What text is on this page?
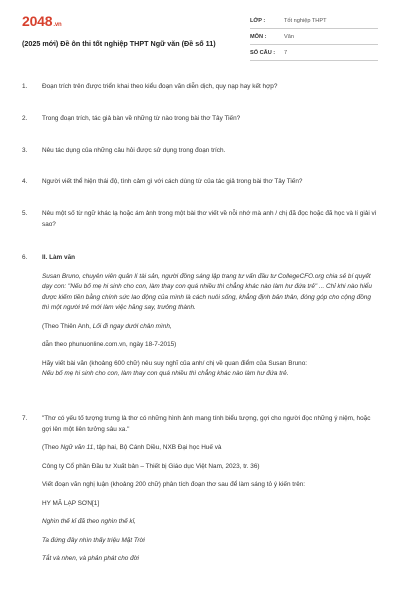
2048.vn
(2025 mới) Đề ôn thi tốt nghiệp THPT Ngữ văn (Đề số 11)
LỚP :	Tốt nghiệp THPT
MÔN :	Văn
SỐ CÂU :	7
1.	Đoạn trích trên được triển khai theo kiểu đoạn văn diễn dịch, quy nạp hay kết hợp?
2.	Trong đoạn trích, tác giả bàn về những từ nào trong bài thơ Tây Tiến?
3.	Nêu tác dụng của những câu hỏi được sử dụng trong đoạn trích.
4.	Người viết thể hiện thái độ, tình cảm gì với cách dùng từ của tác giả trong bài thơ Tây Tiến?
5.	Nêu một số từ ngữ khác lạ hoặc ám ảnh trong một bài thơ viết về nỗi nhớ mà anh / chị đã đọc hoặc đã học và lí giải vì sao?
6.	II. Làm văn
Susan Bruno, chuyên viên quản lí tài sản, người đồng sáng lập trang tư vấn đầu tư CollegeCFO.org chia sẻ bí quyết dạy con: "Nếu bố mẹ hi sinh cho con, làm thay con quá nhiều thì chẳng khác nào làm hư đứa trẻ" ... Chỉ khi nào hiểu được kiếm tiền bằng chính sức lao động của mình là cách nuôi sống, khẳng định bản thân, đóng góp cho cộng đồng thì một người trẻ mới làm việc hăng say, trưởng thành.
(Theo Thiên Anh, Lối đi ngay dưới chân mình,
dẫn theo phunuonline.com.vn, ngày 18-7-2015)
Hãy viết bài văn (khoảng 600 chữ) nêu suy nghĩ của anh/ chị về quan điểm của Susan Bruno:
Nếu bố mẹ hi sinh cho con, làm thay con quá nhiều thì chẳng khác nào làm hư đứa trẻ.
7.	"Thơ có yếu tố tượng trưng là thơ có những hình ảnh mang tính biểu tượng, gợi cho người đọc những ý niệm, hoặc gợi lên một liên tưởng sâu xa."
(Theo Ngữ văn 11, tập hai, Bộ Cánh Diều, NXB Đại học Huế và
Công ty Cổ phần Đầu tư Xuất bản – Thiết bị Giáo dục Việt Nam, 2023, tr. 36)
Viết đoạn văn nghị luận (khoảng 200 chữ) phân tích đoạn thơ sau để làm sáng tỏ ý kiến trên:
HY MÃ LẠP SƠN[1]
Nghìn thế kỉ đã theo nghìn thế kỉ,
Ta đứng đây nhìn thấy triệu Mặt Trời
Tắt và nhen, và phản phát cho đời
